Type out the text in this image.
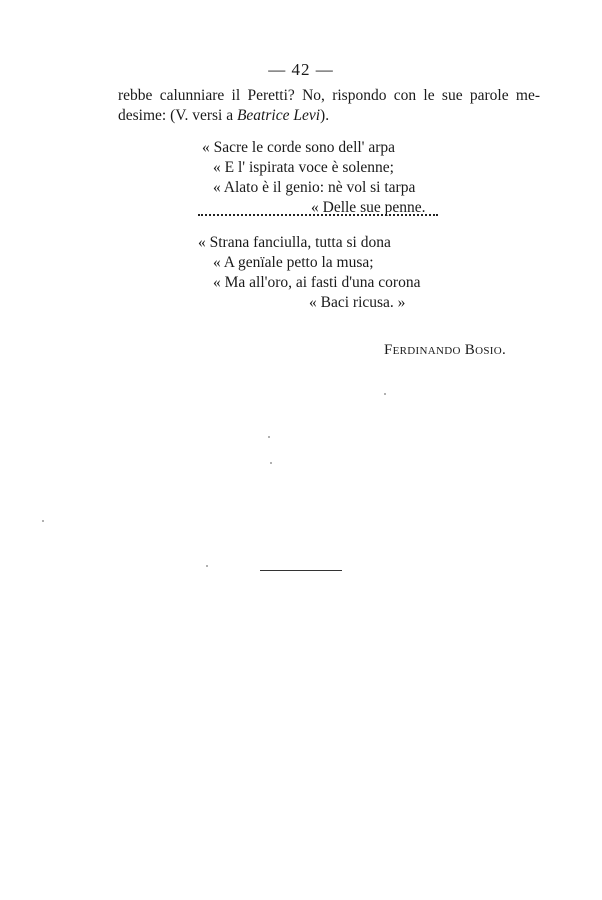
— 42 —
rebbe calunniare il Peretti? No, rispondo con le sue parole me-
desime: (V. versi a Beatrice Levi).
« Sacre le corde sono dell' arpa
« E l' ispirata voce è solenne;
« Alato è il genio: nè vol si tarpa
« Delle sue penne.
« Strana fanciulla, tutta si dona
« A genïale petto la musa;
« Ma all'oro, ai fasti d'una corona
« Baci ricusa. »
Ferdinando Bosio.
